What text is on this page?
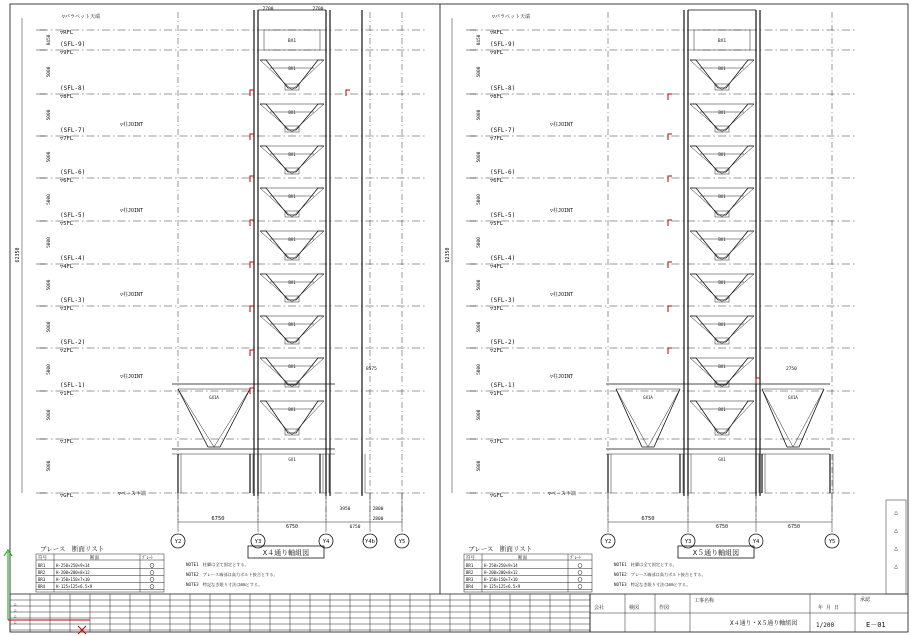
62350
▽RFL
8450 (SFL-9)
▽9FL
5000
(SFL-8)
▽8FL
5000
(SFL-7)
▽7FL
5000
(SFL-6)
▽6FL
5000
(SFL-5)
▽5FL
5000
(SFL-4)
▽4FL
5000
(SFL-3)
▽3FL
5000
(SFL-2)
▽2FL
5000
(SFL-1)
▽1FL
5000
▽JFL
5000
▽GFL
▽パラペット天端
▽ベース下端
▽柱JOINT
▽柱JOINT
▽柱JOINT
▽柱JOINT
BX1
BX1
BX1
BX1
BX1
BX1
BX1
BX1
BX1
BX1
GX1A
GX1
Y2	Y3	Y4	(Y4b)	Y5
6750
6750
3950
2800
6750
2800
2700	2700
8575
X４通り軸組図
62350
▽RFL
8450 (SFL-9)
▽9FL
5000
(SFL-8)
▽8FL
5000
(SFL-7)
▽7FL
5000
(SFL-6)
▽6FL
5000
(SFL-5)
▽5FL
5000
(SFL-4)
▽4FL
5000
(SFL-3)
▽3FL
5000
(SFL-2)
▽2FL
5000
(SFL-1)
▽1FL
5000
▽JFL
5000
▽GFL
▽パラペット天端
▽ベース下端
▽柱JOINT
▽柱JOINT
▽柱JOINT
▽柱JOINT
BX1
BX1
BX1
BX1
BX1
BX1
BX1
BX1
BX1
BX1
GX1A	GX1A
GX1
Y2	Y3	Y4	Y5
6750
6750	6750
2750
X５通り軸組図
ブレース　断面リスト
符号	断面	ﾌﾟﾚｰﾄ
BR1	H-250×250×9×14
BR2	H-200×200×8×12
BR3	H-150×150×7×10
BR4	H-125×125×6.5×9
NOTE1　柱脚は全て固定とする。
NOTE2　ブレース端部は高力ボルト接合とする。
NOTE3　特記なき限り寸法はmmとする。
ブレース　断面リスト
符号	断面	ﾌﾟﾚｰﾄ
BR1	H-250×250×9×14
BR2	H-200×200×8×12
BR3	H-150×150×7×10
BR4	H-125×125×6.5×9
NOTE1　柱脚は全て固定とする。
NOTE2　ブレース端部は高力ボルト接合とする。
NOTE3　特記なき限り寸法はmmとする。
△
△
△
△
会社	検図	作図
工事名称
X４通り・X５通り軸組図
年 月 日
1/200	E－01
承認
△
△
△
△
